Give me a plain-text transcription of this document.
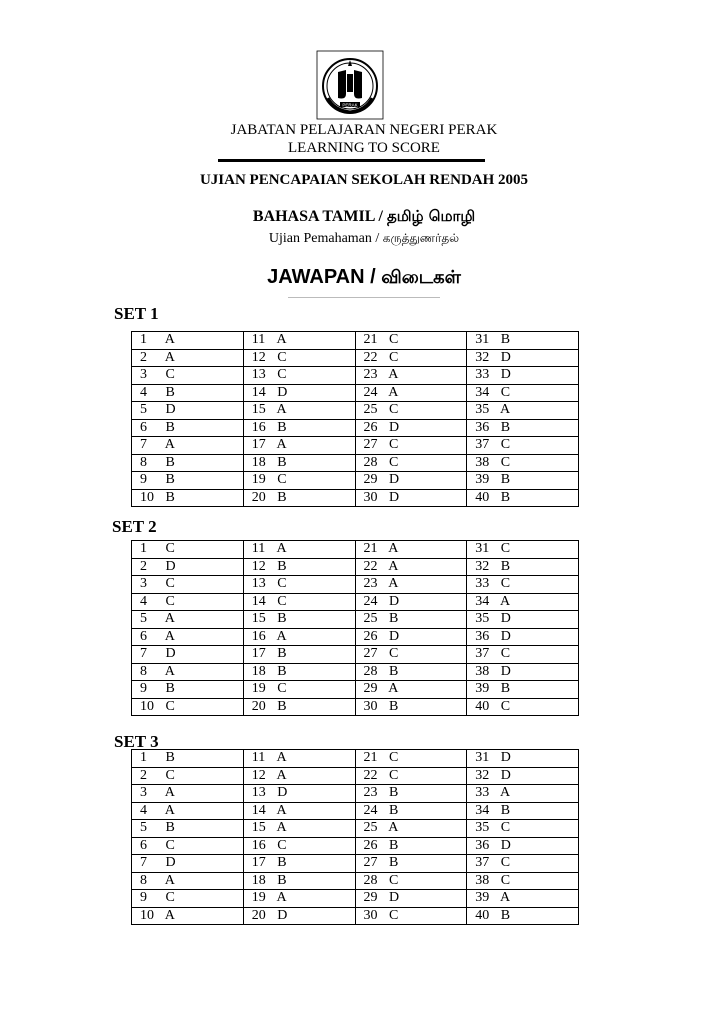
PERAK
JABATAN PELAJARAN NEGERI PERAK
LEARNING TO SCORE
UJIAN PENCAPAIAN SEKOLAH RENDAH 2005
BAHASA TAMIL / தமிழ் மொழி
Ujian Pemahaman / கருத்துணர்தல்
JAWAPAN / விடைகள்
SET 1
1 A	11 A	21 C	31 B
2 A	12 C	22 C	32 D
3 C	13 C	23 A	33 D
4 B	14 D	24 A	34 C
5 D	15 A	25 C	35 A
6 B	16 B	26 D	36 B
7 A	17 A	27 C	37 C
8 B	18 B	28 C	38 C
9 B	19 C	29 D	39 B
10 B	20 B	30 D	40 B
SET 2
1 C	11 A	21 A	31 C
2 D	12 B	22 A	32 B
3 C	13 C	23 A	33 C
4 C	14 C	24 D	34 A
5 A	15 B	25 B	35 D
6 A	16 A	26 D	36 D
7 D	17 B	27 C	37 C
8 A	18 B	28 B	38 D
9 B	19 C	29 A	39 B
10 C	20 B	30 B	40 C
SET 3
1 B	11 A	21 C	31 D
2 C	12 A	22 C	32 D
3 A	13 D	23 B	33 A
4 A	14 A	24 B	34 B
5 B	15 A	25 A	35 C
6 C	16 C	26 B	36 D
7 D	17 B	27 B	37 C
8 A	18 B	28 C	38 C
9 C	19 A	29 D	39 A
10 A	20 D	30 C	40 B
